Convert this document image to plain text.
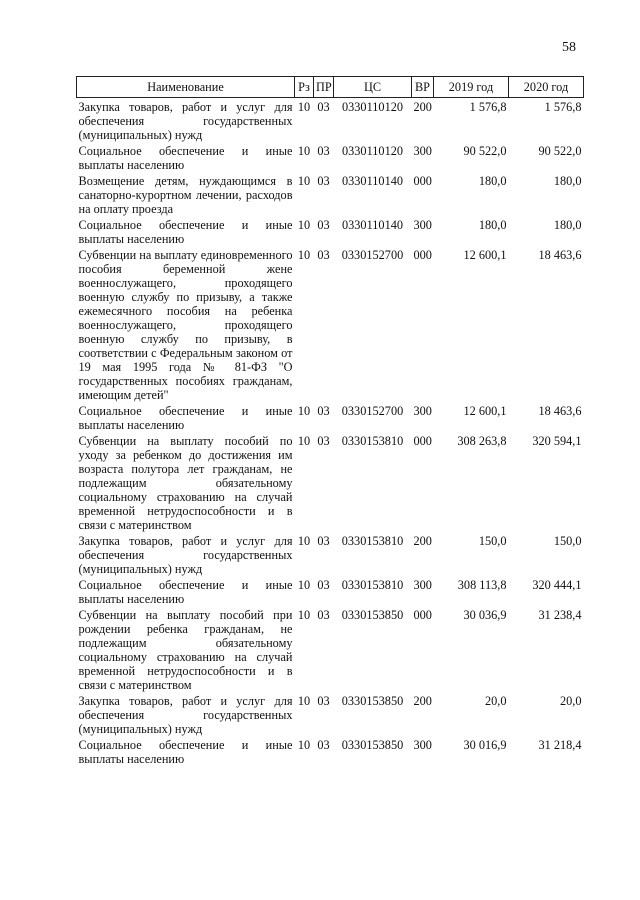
58
Наименование	Рз	ПР	ЦС	ВР	2019 год	2020 год
Закупка товаров, работ и услуг для обеспечения государственных (муниципальных) нужд	10	03	0330110120	200	1 576,8	1 576,8
Социальное обеспечение и иные выплаты населению	10	03	0330110120	300	90 522,0	90 522,0
Возмещение детям, нуждающимся в санаторно-курортном лечении, расходов на оплату проезда	10	03	0330110140	000	180,0	180,0
Социальное обеспечение и иные выплаты населению	10	03	0330110140	300	180,0	180,0
Субвенции на выплату единовременного пособия беременной жене военнослужащего, проходящего военную службу по призыву, а также ежемесячного пособия на ребенка военнослужащего, проходящего военную службу по призыву, в соответствии с Федеральным законом от 19 мая 1995 года № 81-ФЗ "О государственных пособиях гражданам, имеющим детей"	10	03	0330152700	000	12 600,1	18 463,6
Социальное обеспечение и иные выплаты населению	10	03	0330152700	300	12 600,1	18 463,6
Субвенции на выплату пособий по уходу за ребенком до достижения им возраста полутора лет гражданам, не подлежащим обязательному социальному страхованию на случай временной нетрудоспособности и в связи с материнством	10	03	0330153810	000	308 263,8	320 594,1
Закупка товаров, работ и услуг для обеспечения государственных (муниципальных) нужд	10	03	0330153810	200	150,0	150,0
Социальное обеспечение и иные выплаты населению	10	03	0330153810	300	308 113,8	320 444,1
Субвенции на выплату пособий при рождении ребенка гражданам, не подлежащим обязательному социальному страхованию на случай временной нетрудоспособности и в связи с материнством	10	03	0330153850	000	30 036,9	31 238,4
Закупка товаров, работ и услуг для обеспечения государственных (муниципальных) нужд	10	03	0330153850	200	20,0	20,0
Социальное обеспечение и иные выплаты населению	10	03	0330153850	300	30 016,9	31 218,4
